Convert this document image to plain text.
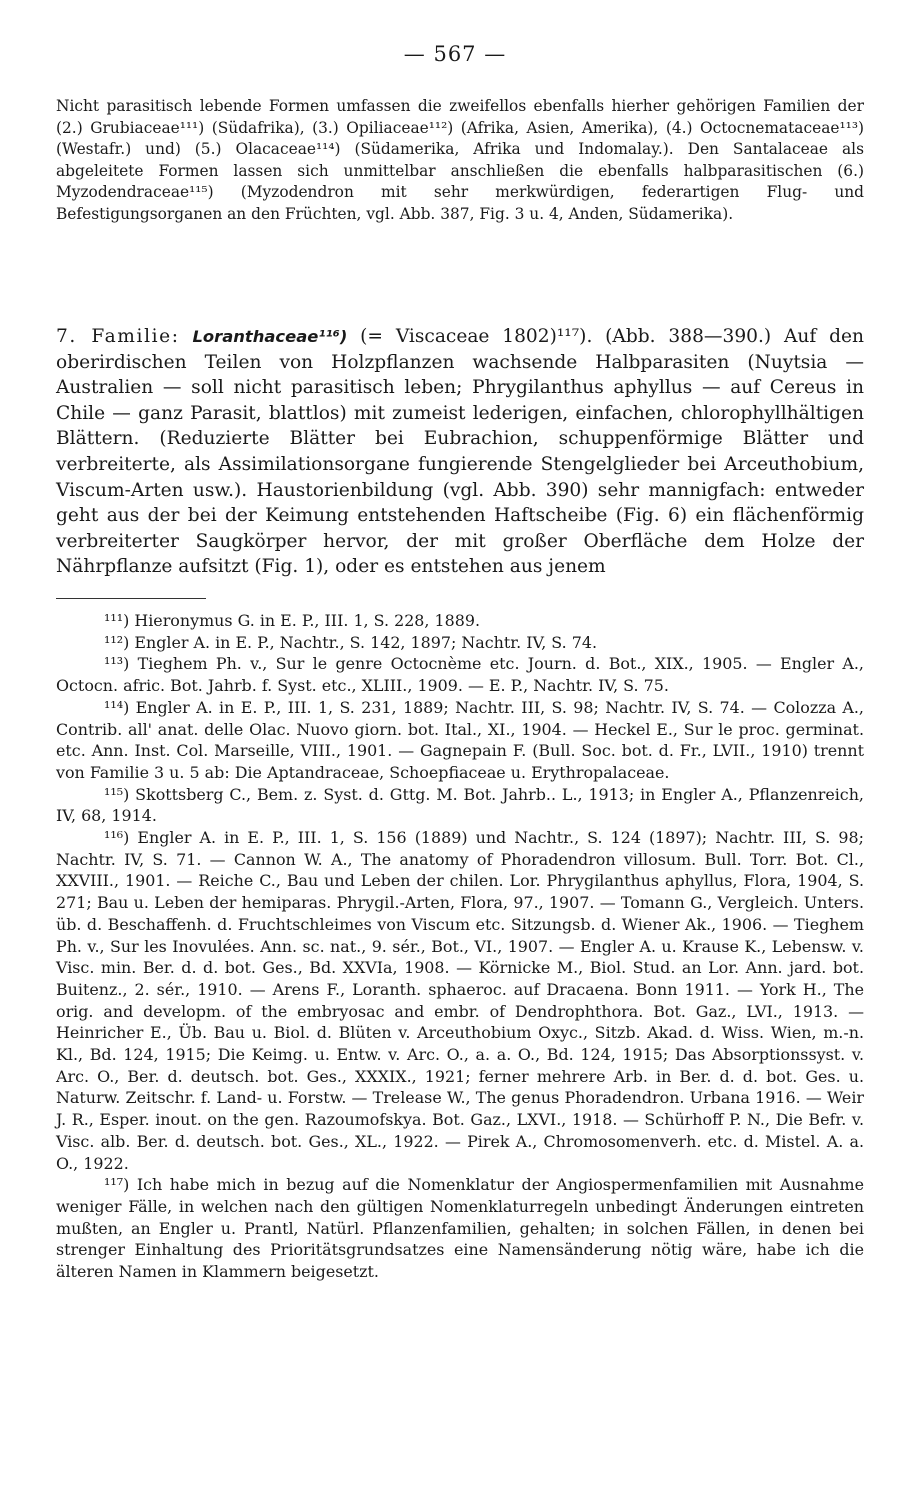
— 567 —

Nicht parasitisch lebende Formen umfassen die zweifellos ebenfalls hierher gehörigen Familien der (2.) Grubiaceae¹¹¹) (Südafrika), (3.) Opiliaceae¹¹²) (Afrika, Asien, Amerika), (4.) Octocnemataceae¹¹³) (Westafr.) und) (5.) Olacaceae¹¹⁴) (Südamerika, Afrika und Indomalay.). Den Santalaceae als abgeleitete Formen lassen sich unmittelbar anschließen die ebenfalls halbparasitischen (6.) Myzodendraceae¹¹⁵) (Myzodendron mit sehr merkwürdigen, federartigen Flug- und Befestigungsorganen an den Früchten, vgl. Abb. 387, Fig. 3 u. 4, Anden, Südamerika).

7. Familie: Loranthaceae¹¹⁶) (= Viscaceae 1802)¹¹⁷). (Abb. 388—390.) Auf den oberirdischen Teilen von Holzpflanzen wachsende Halbparasiten (Nuytsia — Australien — soll nicht parasitisch leben; Phrygilanthus aphyllus — auf Cereus in Chile — ganz Parasit, blattlos) mit zumeist lederigen, einfachen, chlorophyllhältigen Blättern. (Reduzierte Blätter bei Eubrachion, schuppenförmige Blätter und verbreiterte, als Assimilationsorgane fungierende Stengelglieder bei Arceuthobium, Viscum-Arten usw.). Haustorienbildung (vgl. Abb. 390) sehr mannigfach: entweder geht aus der bei der Keimung entstehenden Haftscheibe (Fig. 6) ein flächenförmig verbreiterter Saugkörper hervor, der mit großer Oberfläche dem Holze der Nährpflanze aufsitzt (Fig. 1), oder es entstehen aus jenem

¹¹¹) Hieronymus G. in E. P., III. 1, S. 228, 1889.

¹¹²) Engler A. in E. P., Nachtr., S. 142, 1897; Nachtr. IV, S. 74.

¹¹³) Tieghem Ph. v., Sur le genre Octocnème etc. Journ. d. Bot., XIX., 1905. — Engler A., Octocn. afric. Bot. Jahrb. f. Syst. etc., XLIII., 1909. — E. P., Nachtr. IV, S. 75.

¹¹⁴) Engler A. in E. P., III. 1, S. 231, 1889; Nachtr. III, S. 98; Nachtr. IV, S. 74. — Colozza A., Contrib. all' anat. delle Olac. Nuovo giorn. bot. Ital., XI., 1904. — Heckel E., Sur le proc. germinat. etc. Ann. Inst. Col. Marseille, VIII., 1901. — Gagnepain F. (Bull. Soc. bot. d. Fr., LVII., 1910) trennt von Familie 3 u. 5 ab: Die Aptandraceae, Schoepfiaceae u. Erythropalaceae.

¹¹⁵) Skottsberg C., Bem. z. Syst. d. Gttg. M. Bot. Jahrb.. L., 1913; in Engler A., Pflanzenreich, IV, 68, 1914.

¹¹⁶) Engler A. in E. P., III. 1, S. 156 (1889) und Nachtr., S. 124 (1897); Nachtr. III, S. 98; Nachtr. IV, S. 71. — Cannon W. A., The anatomy of Phoradendron villosum. Bull. Torr. Bot. Cl., XXVIII., 1901. — Reiche C., Bau und Leben der chilen. Lor. Phrygilanthus aphyllus, Flora, 1904, S. 271; Bau u. Leben der hemiparas. Phrygil.-Arten, Flora, 97., 1907. — Tomann G., Vergleich. Unters. üb. d. Beschaffenh. d. Fruchtschleimes von Viscum etc. Sitzungsb. d. Wiener Ak., 1906. — Tieghem Ph. v., Sur les Inovulées. Ann. sc. nat., 9. sér., Bot., VI., 1907. — Engler A. u. Krause K., Lebensw. v. Visc. min. Ber. d. d. bot. Ges., Bd. XXVIa, 1908. — Körnicke M., Biol. Stud. an Lor. Ann. jard. bot. Buitenz., 2. sér., 1910. — Arens F., Loranth. sphaeroc. auf Dracaena. Bonn 1911. — York H., The orig. and developm. of the embryosac and embr. of Dendrophthora. Bot. Gaz., LVI., 1913. — Heinricher E., Üb. Bau u. Biol. d. Blüten v. Arceuthobium Oxyc., Sitzb. Akad. d. Wiss. Wien, m.-n. Kl., Bd. 124, 1915; Die Keimg. u. Entw. v. Arc. O., a. a. O., Bd. 124, 1915; Das Absorptionssyst. v. Arc. O., Ber. d. deutsch. bot. Ges., XXXIX., 1921; ferner mehrere Arb. in Ber. d. d. bot. Ges. u. Naturw. Zeitschr. f. Land- u. Forstw. — Trelease W., The genus Phoradendron. Urbana 1916. — Weir J. R., Esper. inout. on the gen. Razoumofskya. Bot. Gaz., LXVI., 1918. — Schürhoff P. N., Die Befr. v. Visc. alb. Ber. d. deutsch. bot. Ges., XL., 1922. — Pirek A., Chromosomenverh. etc. d. Mistel. A. a. O., 1922.

¹¹⁷) Ich habe mich in bezug auf die Nomenklatur der Angiospermenfamilien mit Ausnahme weniger Fälle, in welchen nach den gültigen Nomenklaturregeln unbedingt Änderungen eintreten mußten, an Engler u. Prantl, Natürl. Pflanzenfamilien, gehalten; in solchen Fällen, in denen bei strenger Einhaltung des Prioritätsgrundsatzes eine Namensänderung nötig wäre, habe ich die älteren Namen in Klammern beigesetzt.
